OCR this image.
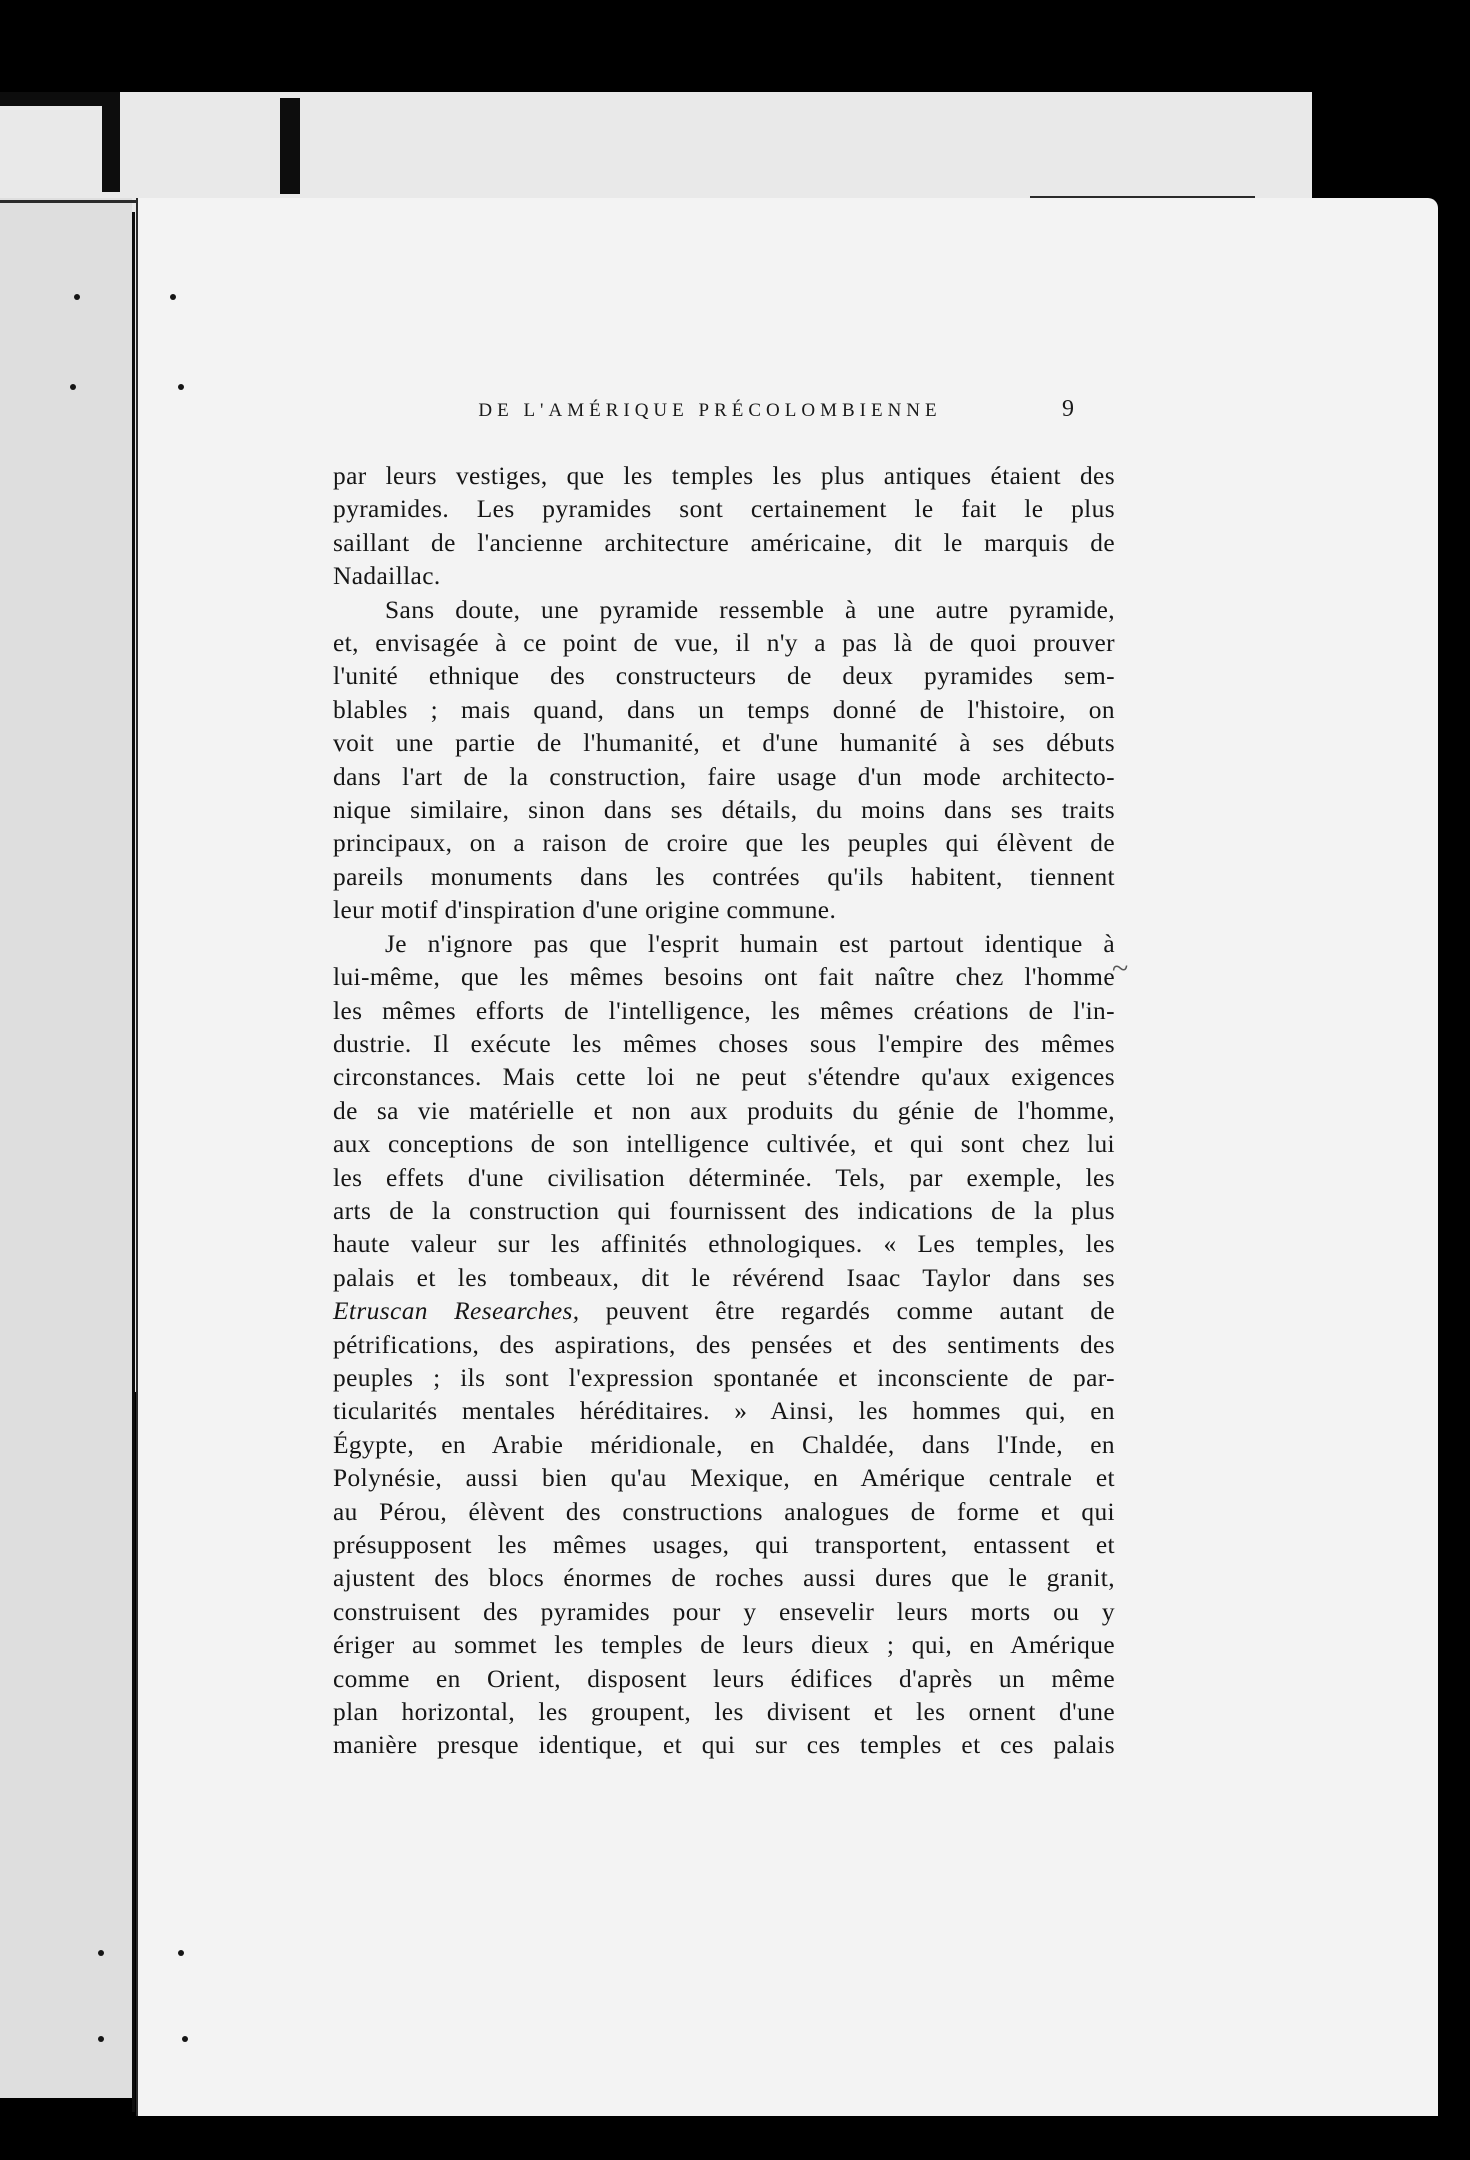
~
DE L'AMÉRIQUE PRÉCOLOMBIENNE	9
par leurs vestiges, que les temples les plus antiques étaient des
pyramides. Les pyramides sont certainement le fait le plus
saillant de l'ancienne architecture américaine, dit le marquis de
Nadaillac.
Sans doute, une pyramide ressemble à une autre pyramide,
et, envisagée à ce point de vue, il n'y a pas là de quoi prouver
l'unité ethnique des constructeurs de deux pyramides sem-
blables ; mais quand, dans un temps donné de l'histoire, on
voit une partie de l'humanité, et d'une humanité à ses débuts
dans l'art de la construction, faire usage d'un mode architecto-
nique similaire, sinon dans ses détails, du moins dans ses traits
principaux, on a raison de croire que les peuples qui élèvent de
pareils monuments dans les contrées qu'ils habitent, tiennent
leur motif d'inspiration d'une origine commune.
Je n'ignore pas que l'esprit humain est partout identique à
lui-même, que les mêmes besoins ont fait naître chez l'homme
les mêmes efforts de l'intelligence, les mêmes créations de l'in-
dustrie. Il exécute les mêmes choses sous l'empire des mêmes
circonstances. Mais cette loi ne peut s'étendre qu'aux exigences
de sa vie matérielle et non aux produits du génie de l'homme,
aux conceptions de son intelligence cultivée, et qui sont chez lui
les effets d'une civilisation déterminée. Tels, par exemple, les
arts de la construction qui fournissent des indications de la plus
haute valeur sur les affinités ethnologiques. « Les temples, les
palais et les tombeaux, dit le révérend Isaac Taylor dans ses
Etruscan Researches, peuvent être regardés comme autant de
pétrifications, des aspirations, des pensées et des sentiments des
peuples ; ils sont l'expression spontanée et inconsciente de par-
ticularités mentales héréditaires. » Ainsi, les hommes qui, en
Égypte, en Arabie méridionale, en Chaldée, dans l'Inde, en
Polynésie, aussi bien qu'au Mexique, en Amérique centrale et
au Pérou, élèvent des constructions analogues de forme et qui
présupposent les mêmes usages, qui transportent, entassent et
ajustent des blocs énormes de roches aussi dures que le granit,
construisent des pyramides pour y ensevelir leurs morts ou y
ériger au sommet les temples de leurs dieux ; qui, en Amérique
comme en Orient, disposent leurs édifices d'après un même
plan horizontal, les groupent, les divisent et les ornent d'une
manière presque identique, et qui sur ces temples et ces palais
